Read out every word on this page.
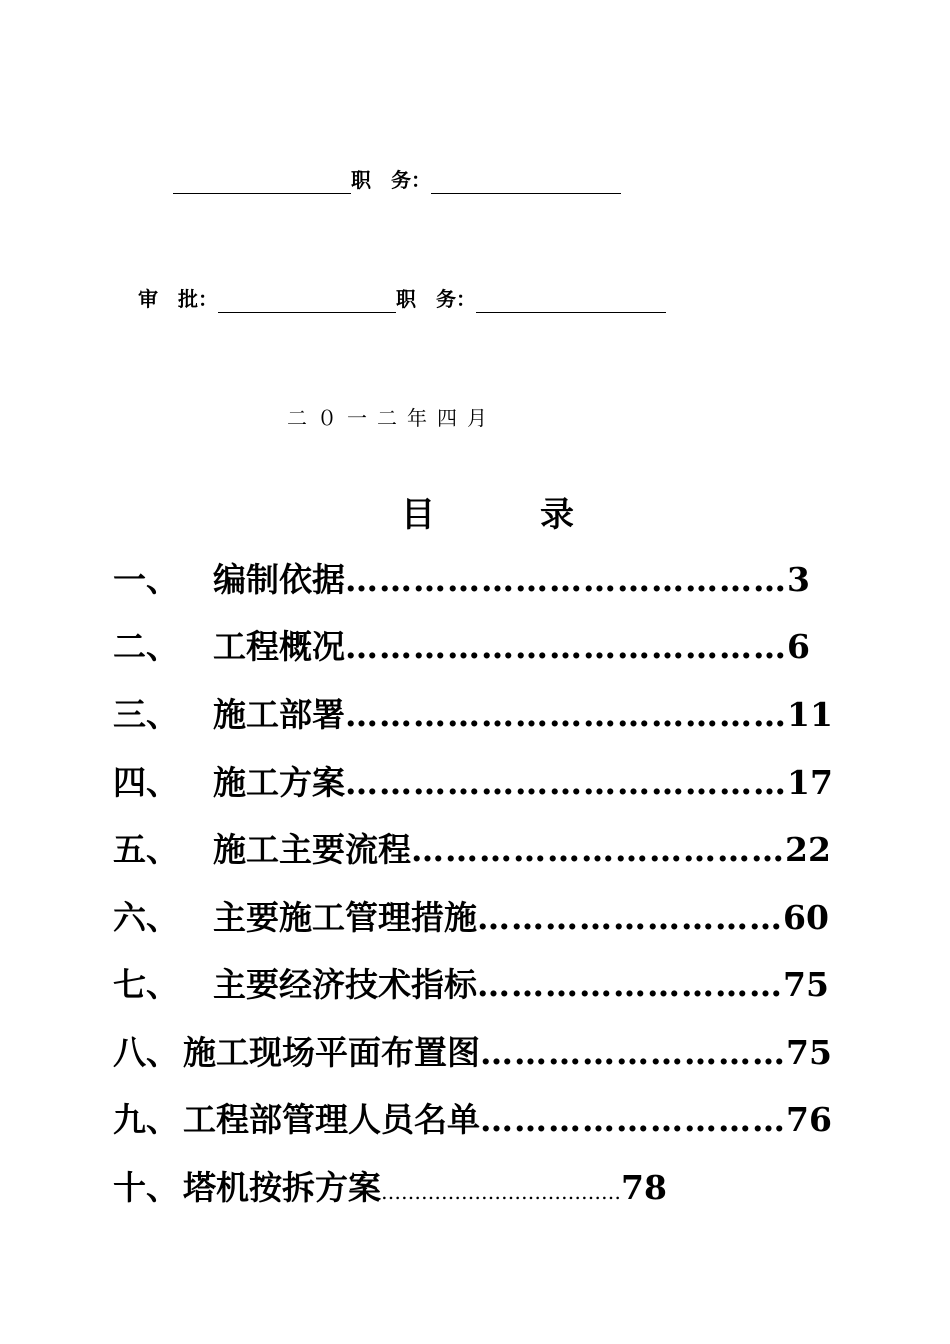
职　务：
审　批：	职　务：
二０一二年四月
目	录
一、	编制依据 ………………………………… 3
二、	工程概况 ………………………………… 6
三、	施工部署 ………………………………… 11
四、	施工方案 ………………………………… 17
五、	施工主要流程 …………………………… 22
六、	主要施工管理措施 ……………………… 60
七、	主要经济技术指标 ……………………… 75
八、 施工现场平面布置图 ……………………… 75
九、 工程部管理人员名单 ……………………… 76
十、 塔机按拆方案 ……………………………… 78
